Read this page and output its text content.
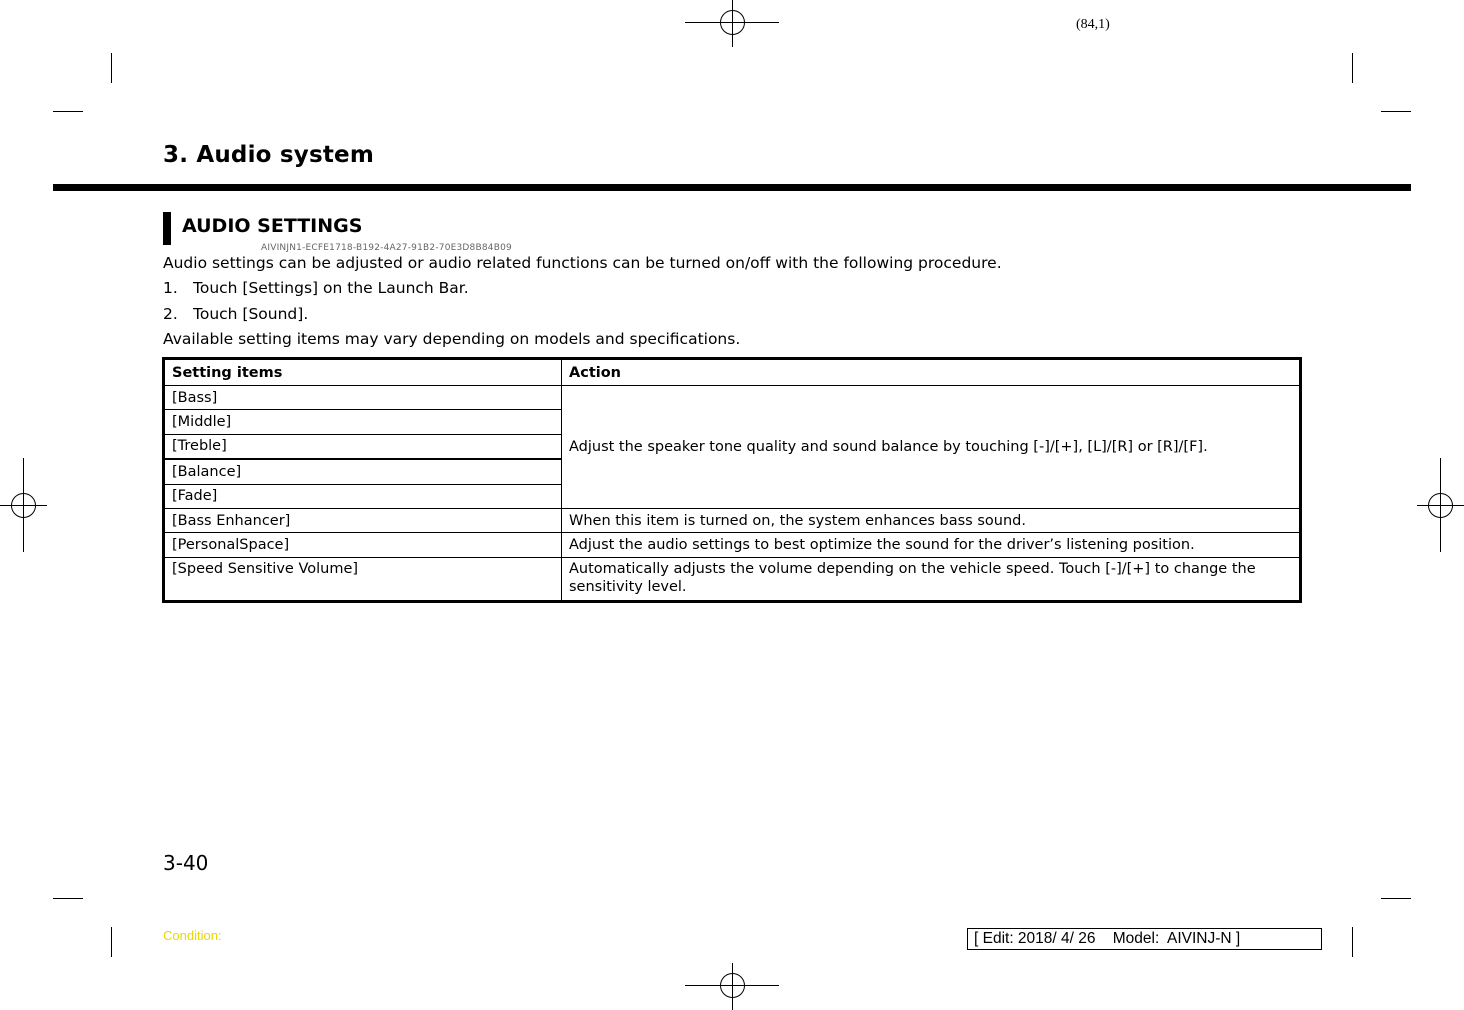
(84,1)
3. Audio system
AUDIO SETTINGS
AIVINJN1-ECFE1718-B192-4A27-91B2-70E3D8B84B09
Audio settings can be adjusted or audio related functions can be turned on/off with the following procedure.
1. Touch [Settings] on the Launch Bar.
2. Touch [Sound].
Available setting items may vary depending on models and specifications.
Setting items	Action
[Bass]	Adjust the speaker tone quality and sound balance by touching [-]/[+], [L]/[R] or [R]/[F].
[Middle]	
[Treble]	
[Balance]	
[Fade]	
[Bass Enhancer]	When this item is turned on, the system enhances bass sound.
[PersonalSpace]	Adjust the audio settings to best optimize the sound for the driver’s listening position.
[Speed Sensitive Volume]	Automatically adjusts the volume depending on the vehicle speed. Touch [-]/[+] to change the sensitivity level.
3-40
Condition:	[ Edit: 2018/ 4/ 26    Model:  AIVINJ-N ]
